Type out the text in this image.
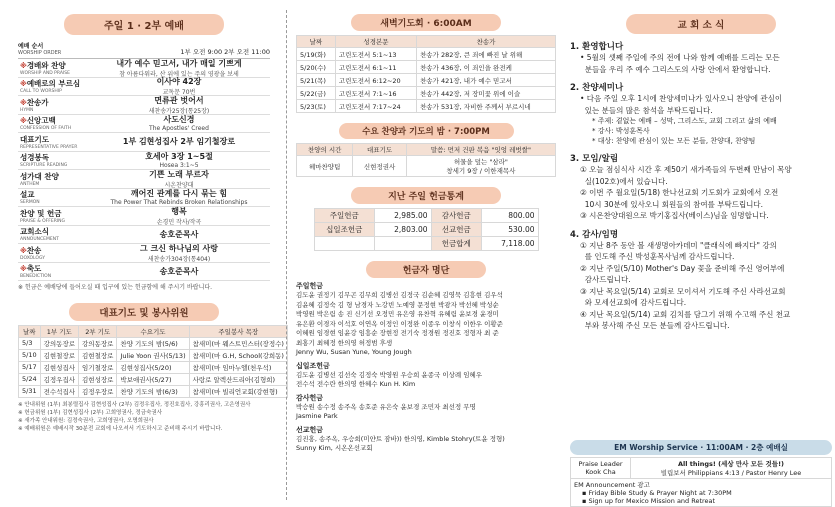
주일 1 · 2부 예배
예배 순서
WORSHIP ORDER	1부 오전 9:00 2부 오전 11:00
※경배와 찬양
WORSHIP AND PRAISE
내가 예수 믿고서, 내가 매일 기쁘게
참 아름다워라, 산 위에 있는 주의 영광을 보세
※예배로의 부르심
CALL TO WORSHIP
이사야 42장
교독문 70번
※찬송가
HYMN
면류관 벗어서
새찬송가25장(통25장)
※신앙고백
CONFESSION OF FAITH
사도신경
The Apostles' Creed
대표기도
REPRESENTATIVE PRAYER
1부 김현성집사 2부 임기철장로
성경봉독
SCRIPTURE READING
호세아 3장 1~5절
Hosea 3:1~5
성가대 찬양
ANTHEM
기쁜 노래 부르자
시온찬양대
설교
SERMON
깨어진 관계를 다시 묶는 힘
The Power That Rebinds Broken Relationships
찬양 및 헌금
PRAISE & OFFERING
행복
손경민 작사/작곡
교회소식
ANNOUNCEMENT
송호준목사
※찬송
DOXOLOGY
그 크신 하나님의 사랑
새찬송가304장(통404)
※축도
BENEDICTION
송호준목사
※ 헌금은 예배당에 들어오실 때 입구에 있는 헌금함에 해 주시기 바랍니다.
대표기도 및 봉사위원
날짜	1부 기도	2부 기도	수요기도	주일봉사 목장
5/3	강의동장로	강의동장로	찬양 기도의 밤(5/6)	참새미(마 웨스트민스터(장정수)
5/10	김현철장로	김현철장로	Julie Yoon 권사(5/13)	참새미(마 G.H, School(강희동)
5/17	김현성집사	임기철장로	김현성집사(5/20)	참새미(마 임마누엘(천우석)
5/24	김정우집사	김현성장로	박보애권사(5/27)	사랑로 알렉산드리아(김형희)
5/31	전수석집사	김정우장로	찬양 기도의 밤(6/3)	참새미(마 빌리언교회(강현형)
※ 안내위원 (1부) 최봉렬집사 김현성집사 (2부) 김정우집사, 정진호집사, 강흥리권사, 고은영권사
※ 헌금위원 (1부) 김현성집사 (2부) 고희영권사, 정금숙권사
※ 새가족 안내위원: 김정숙권사, 고희영권사, 오명희권사
※ 예배위원은 예배시작 30분전 교회에 나오셔서 기도하시고 준비해 주시기 바랍니다.
새벽기도회 · 6:00AM
날짜	성경본문	찬송가
5/19(화)	고린도전서 5:1~13	찬송가 282장, 큰 죄에 빠진 날 위해
5/20(수)	고린도전서 6:1~11	찬송가 436장, 이 죄인을 완전케
5/21(목)	고린도전서 6:12~20	찬송가 421장, 내가 예수 믿고서
5/22(금)	고린도전서 7:1~16	찬송가 442장, 저 장미꽃 위에 이슬
5/23(토)	고린도전서 7:17~24	찬송가 531장, 자비한 주께서 부르시네
수요 찬양과 기도의 밤 · 7:00PM
찬양의 시간	대표기도	말씀: 먼저 건판 복음 "잇엉 레벗쌀"
헤마찬양팀	신현정권사	허물을 덮는 "삼라"
창세기 9장 / 이한재목사
지난 주일 헌금통계
주일헌금	2,985.00	감사헌금	800.00
십일조헌금	2,803.00	선교헌금	530.00
		헌금합계	7,118.00
헌금자 명단
주일헌금
김도윤 권정기 김무곤 김무희 김병선 김정국 김순혜 김영묵 김흥현 김우석
김윤혜 김정숙 김 형 남경자 노강빈 노예영 문정현 박광자 박선혜 박성순
박영원 박은림 송 진 신기선 오정민 유은영 유찬혁 유혜림 윤보경 윤경미
유은환 이경자 이석호 이연옥 이정인 이정완 이종우 이창식 이한우 이황준
이혜원 임경현 임윤강 임흥순 장현정 전기숙 정경원 정진호 정형자 최 준
최홍기 최혜정 한의영 허정범 후생
Jenny Wu, Susan Yune, Young Jough
십일조헌금
김도윤 김병선 김선숙 김정숙 박영원 우승희 윤종국 이상례 임혜우
전수석 전수란 한의영 한혜수 Kun H. Kim
감사헌금
박승원 송수정 송주옥 송호준 유은숙 윤보경 조민자 최선정 무명
Jasmine Park
선교헌금
김진홍, 송주옥, 우승희(미얀트 잠바)) 한의영, Kimble Stohry(트윤 정형)
Sunny Kim, 시온온선교회
교 회 소 식
1. 환영합니다
• 5월의 셋째 주일에 주의 전에 나와 함께 예배를 드리는 모든
분들을 우리 주 예수 그리스도의 사랑 안에서 환영합니다.
2. 찬양세미나
• 다음 주일 오후 1시에 찬양세미나가 있사오니 찬양에 관심이
있는 분들의 많은 참석을 부탁드립니다.
* 주제: 곁없는 예배 – 성막, 그리스도, 교회 그리고 삶의 예배
* 강사: 박성훈목사
* 대상: 찬양에 관심이 있는 모든 분들, 찬양대, 찬양팀
3. 모임/알림
① 오늘 점심식사 시간 후 제50기 새가족들의 두번째 만남이 목양
실(102호)에서 있습니다.
② 이번 주 월요일(5/18) 한나선교회 기도회가 교회에서 오전
10시 30분에 있사오니 회원들의 참여를 부탁드립니다.
③ 시온찬양대원으로 박기홍집사(베이스)님을 임명합니다.
4. 감사/임명
① 지난 8주 동안 볼 새생명아카데미 "클래식에 빠지다" 강의
를 인도해 주신 박성훈목사님께 감사드립니다.
② 지난 주일(5/10) Mother's Day 꽃을 준비해 주신 영어부에
감사드립니다.
③ 지난 목요일(5/14) 교회로 모이셔서 기도해 주신 사라선교회
와 모세선교회에 감사드립니다.
④ 지난 목요일(5/14) 교회 김치를 담그기 위해 수고해 주신 천교
부와 봉사해 주신 모든 분들께 감사드립니다.
EM Worship Service · 11:00AM · 2층 예배실
Praise Leader
Kook Cha

All things! (세상 만사 모든 것들!)
빌립보서 Philippians 4:13 / Pastor Henry Lee

EM Announcement 광고
▪ Friday Bible Study & Prayer Night at 7:30PM
▪ Sign up for Mexico Mission and Retreat
